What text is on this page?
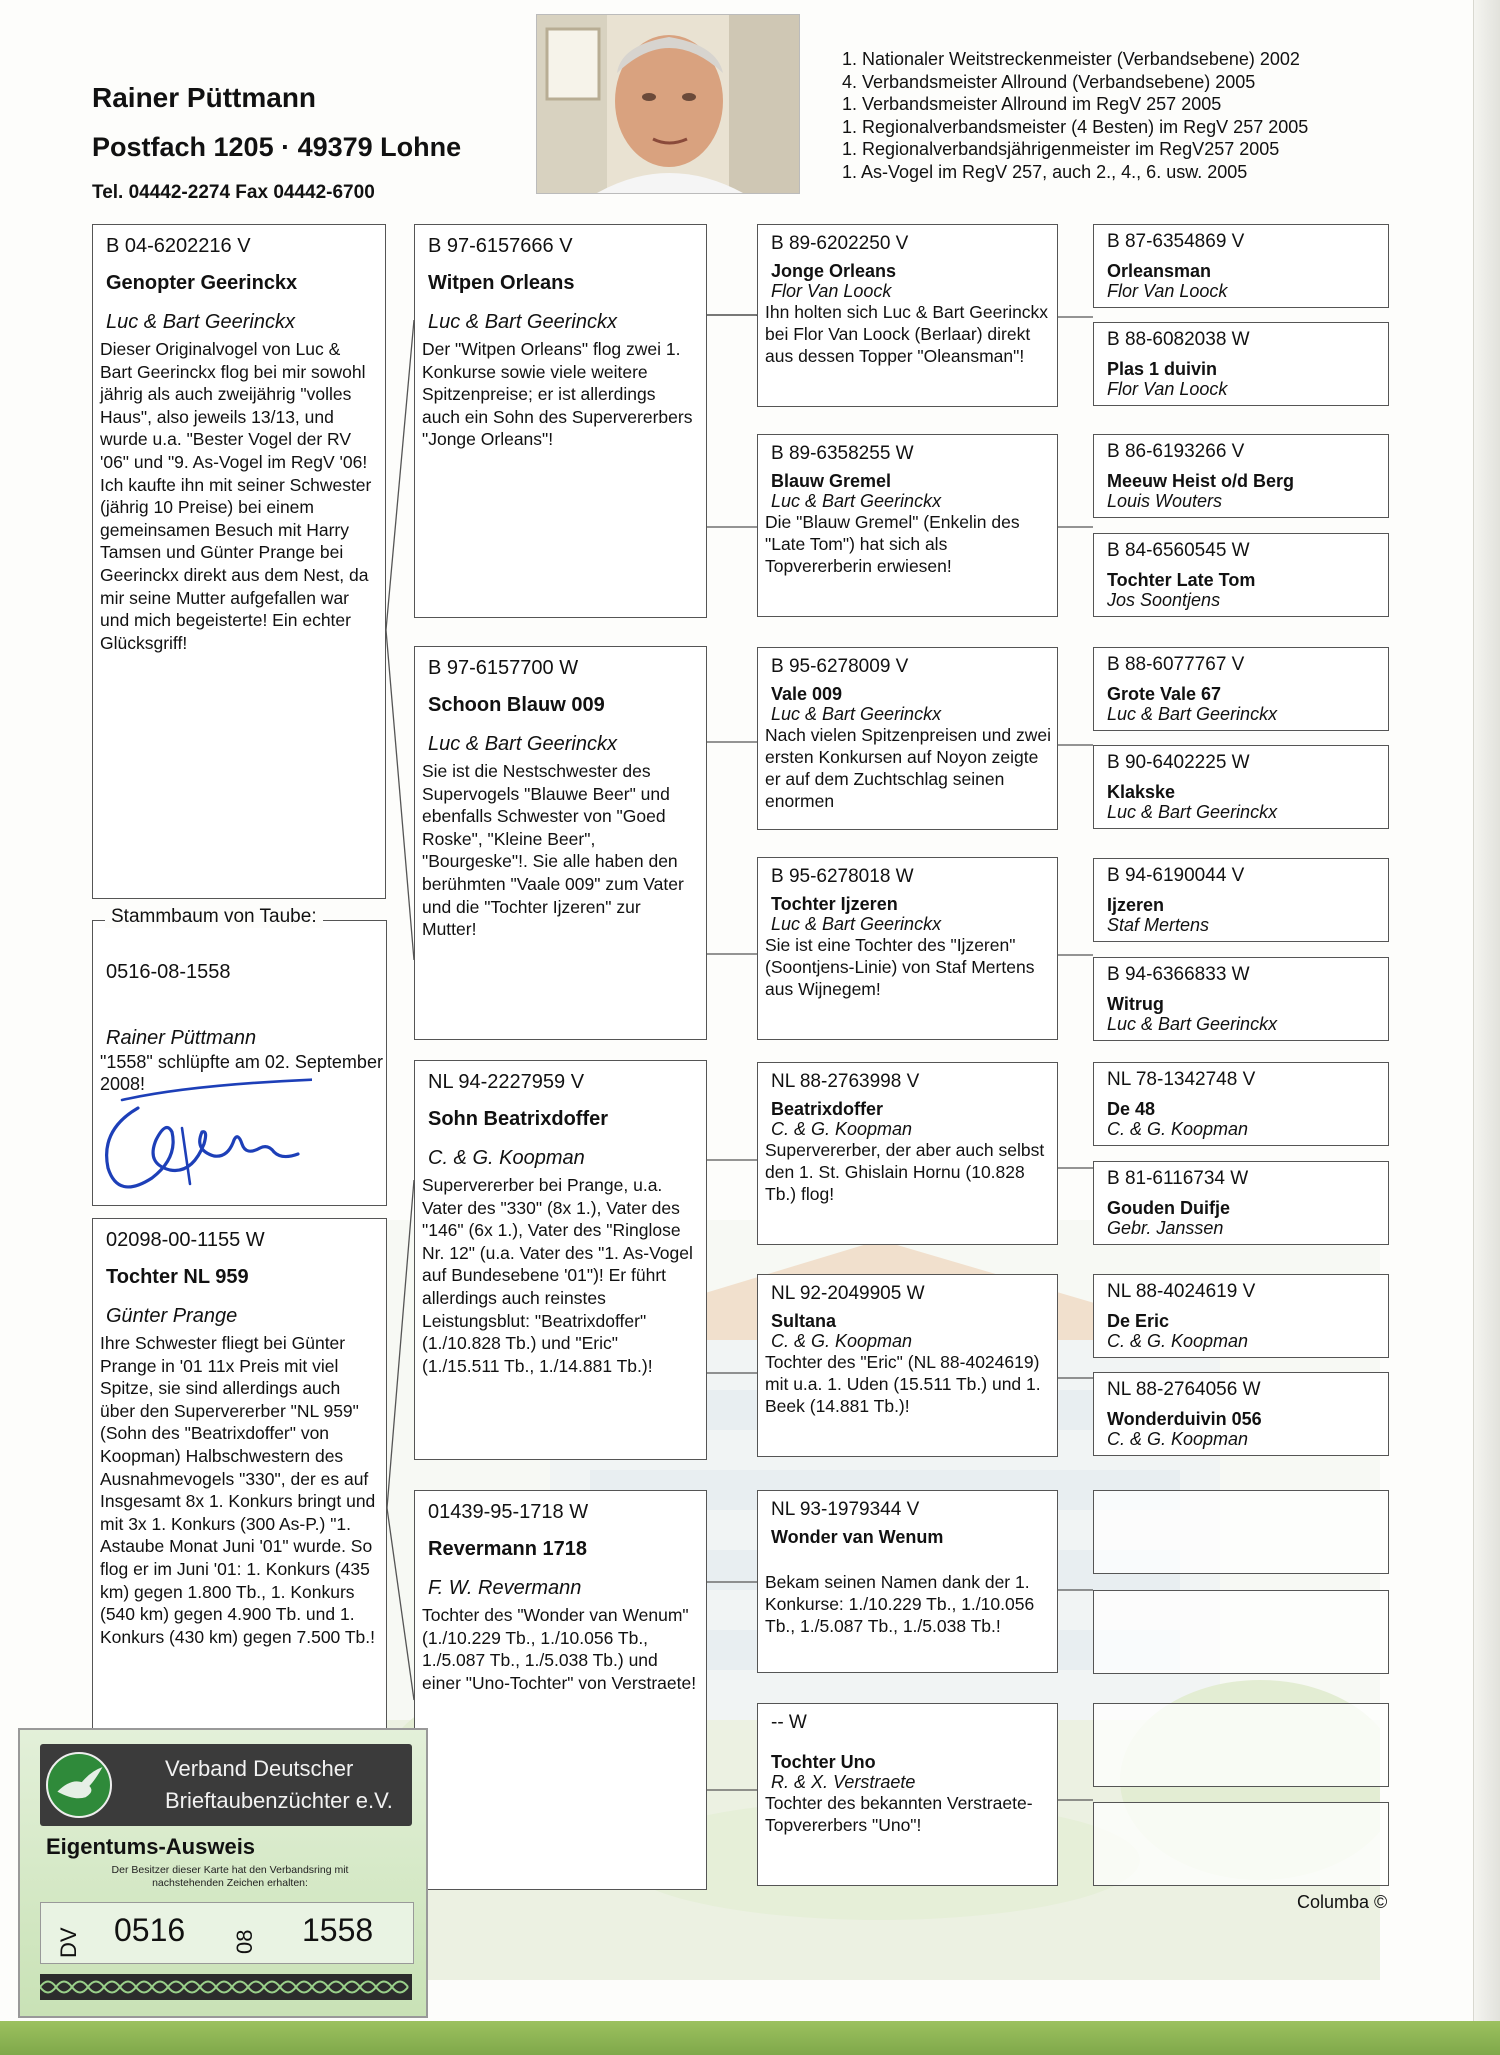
Rainer Püttmann
Postfach 1205 · 49379 Lohne
Tel. 04442-2274 Fax 04442-6700
1. Nationaler Weitstreckenmeister (Verbandsebene) 2002
4. Verbandsmeister Allround (Verbandsebene) 2005
1. Verbandsmeister Allround im RegV 257 2005
1. Regionalverbandsmeister (4 Besten) im RegV 257 2005
1. Regionalverbandsjährigenmeister im RegV257 2005
1. As-Vogel im RegV 257, auch 2., 4., 6. usw. 2005
B 04-6202216 V
Genopter Geerinckx
Luc & Bart Geerinckx
Dieser Originalvogel von Luc & Bart Geerinckx flog bei mir sowohl jährig als auch zweijährig "volles Haus", also jeweils 13/13, und wurde u.a. "Bester Vogel der RV '06" und "9. As-Vogel im RegV '06! Ich kaufte ihn mit seiner Schwester (jährig 10 Preise) bei einem gemeinsamen Besuch mit Harry Tamsen und Günter Prange bei Geerinckx direkt aus dem Nest, da mir seine Mutter aufgefallen war und mich begeisterte! Ein echter Glücksgriff!
0516-08-1558
Rainer Püttmann
"1558" schlüpfte am 02. September 2008!
Stammbaum von Taube:
02098-00-1155 W
Tochter NL 959
Günter Prange
Ihre Schwester fliegt bei Günter Prange in '01 11x Preis mit viel Spitze, sie sind allerdings auch über den Supervererber "NL 959" (Sohn des "Beatrixdoffer" von Koopman) Halbschwestern des Ausnahmevogels "330", der es auf Insgesamt 8x 1. Konkurs bringt und mit 3x 1. Konkurs (300 As-P.) "1. Astaube Monat Juni '01" wurde. So flog er im Juni '01: 1. Konkurs (435 km) gegen 1.800 Tb., 1. Konkurs (540 km) gegen 4.900 Tb. und 1. Konkurs (430 km) gegen 7.500 Tb.!
B 97-6157666 V
Witpen Orleans
Luc & Bart Geerinckx
Der "Witpen Orleans" flog zwei 1. Konkurse sowie viele weitere Spitzenpreise; er ist allerdings auch ein Sohn des Supervererbers "Jonge Orleans"!
B 97-6157700 W
Schoon Blauw 009
Luc & Bart Geerinckx
Sie ist die Nestschwester des Supervogels "Blauwe Beer" und ebenfalls Schwester von "Goed Roske", "Kleine Beer", "Bourgeske"!. Sie alle haben den berühmten "Vaale 009" zum Vater und die "Tochter Ijzeren" zur Mutter!
NL 94-2227959 V
Sohn Beatrixdoffer
C. & G. Koopman
Supervererber bei Prange, u.a. Vater des "330" (8x 1.), Vater des "146" (6x 1.), Vater des "Ringlose Nr. 12" (u.a. Vater des "1. As-Vogel auf Bundesebene '01")! Er führt allerdings auch reinstes Leistungsblut: "Beatrixdoffer" (1./10.828 Tb.) und "Eric" (1./15.511 Tb., 1./14.881 Tb.)!
01439-95-1718 W
Revermann 1718
F. W. Revermann
Tochter des "Wonder van Wenum" (1./10.229 Tb., 1./10.056 Tb., 1./5.087 Tb., 1./5.038 Tb.) und einer "Uno-Tochter" von Verstraete!
B 89-6202250 V
Jonge Orleans
Flor Van Loock
Ihn holten sich Luc & Bart Geerinckx bei Flor Van Loock (Berlaar) direkt aus dessen Topper "Oleansman"!
B 89-6358255 W
Blauw Gremel
Luc & Bart Geerinckx
Die "Blauw Gremel" (Enkelin des "Late Tom") hat sich als Topvererberin erwiesen!
B 95-6278009 V
Vale 009
Luc & Bart Geerinckx
Nach vielen Spitzenpreisen und zwei ersten Konkursen auf Noyon zeigte er auf dem Zuchtschlag seinen enormen
B 95-6278018 W
Tochter Ijzeren
Luc & Bart Geerinckx
Sie ist eine Tochter des "Ijzeren" (Soontjens-Linie) von Staf Mertens aus Wijnegem!
NL 88-2763998 V
Beatrixdoffer
C. & G. Koopman
Supervererber, der aber auch selbst den 1. St. Ghislain Hornu (10.828 Tb.) flog!
NL 92-2049905 W
Sultana
C. & G. Koopman
Tochter des "Eric" (NL 88-4024619) mit u.a. 1. Uden (15.511 Tb.) und 1. Beek (14.881 Tb.)!
NL 93-1979344 V
Wonder van Wenum
Bekam seinen Namen dank der 1. Konkurse: 1./10.229 Tb., 1./10.056 Tb., 1./5.087 Tb., 1./5.038 Tb.!
-- W
Tochter Uno
R. & X. Verstraete
Tochter des bekannten Verstraete-Topvererbers "Uno"!
B 87-6354869 V
Orleansman
Flor Van Loock
B 88-6082038 W
Plas 1 duivin
Flor Van Loock
B 86-6193266 V
Meeuw Heist o/d Berg
Louis Wouters
B 84-6560545 W
Tochter Late Tom
Jos Soontjens
B 88-6077767 V
Grote Vale 67
Luc & Bart Geerinckx
B 90-6402225 W
Klakske
Luc & Bart Geerinckx
B 94-6190044 V
Ijzeren
Staf Mertens
B 94-6366833 W
Witrug
Luc & Bart Geerinckx
NL 78-1342748 V
De 48
C. & G. Koopman
B 81-6116734 W
Gouden Duifje
Gebr. Janssen
NL 88-4024619 V
De Eric
C. & G. Koopman
NL 88-2764056 W
Wonderduivin 056
C. & G. Koopman
Verband Deutscher
Brieftaubenzüchter e.V.
Eigentums-Ausweis
Der Besitzer dieser Karte hat den Verbandsring mit nachstehenden Zeichen erhalten:
DV 0516 08 1558
Columba ©
